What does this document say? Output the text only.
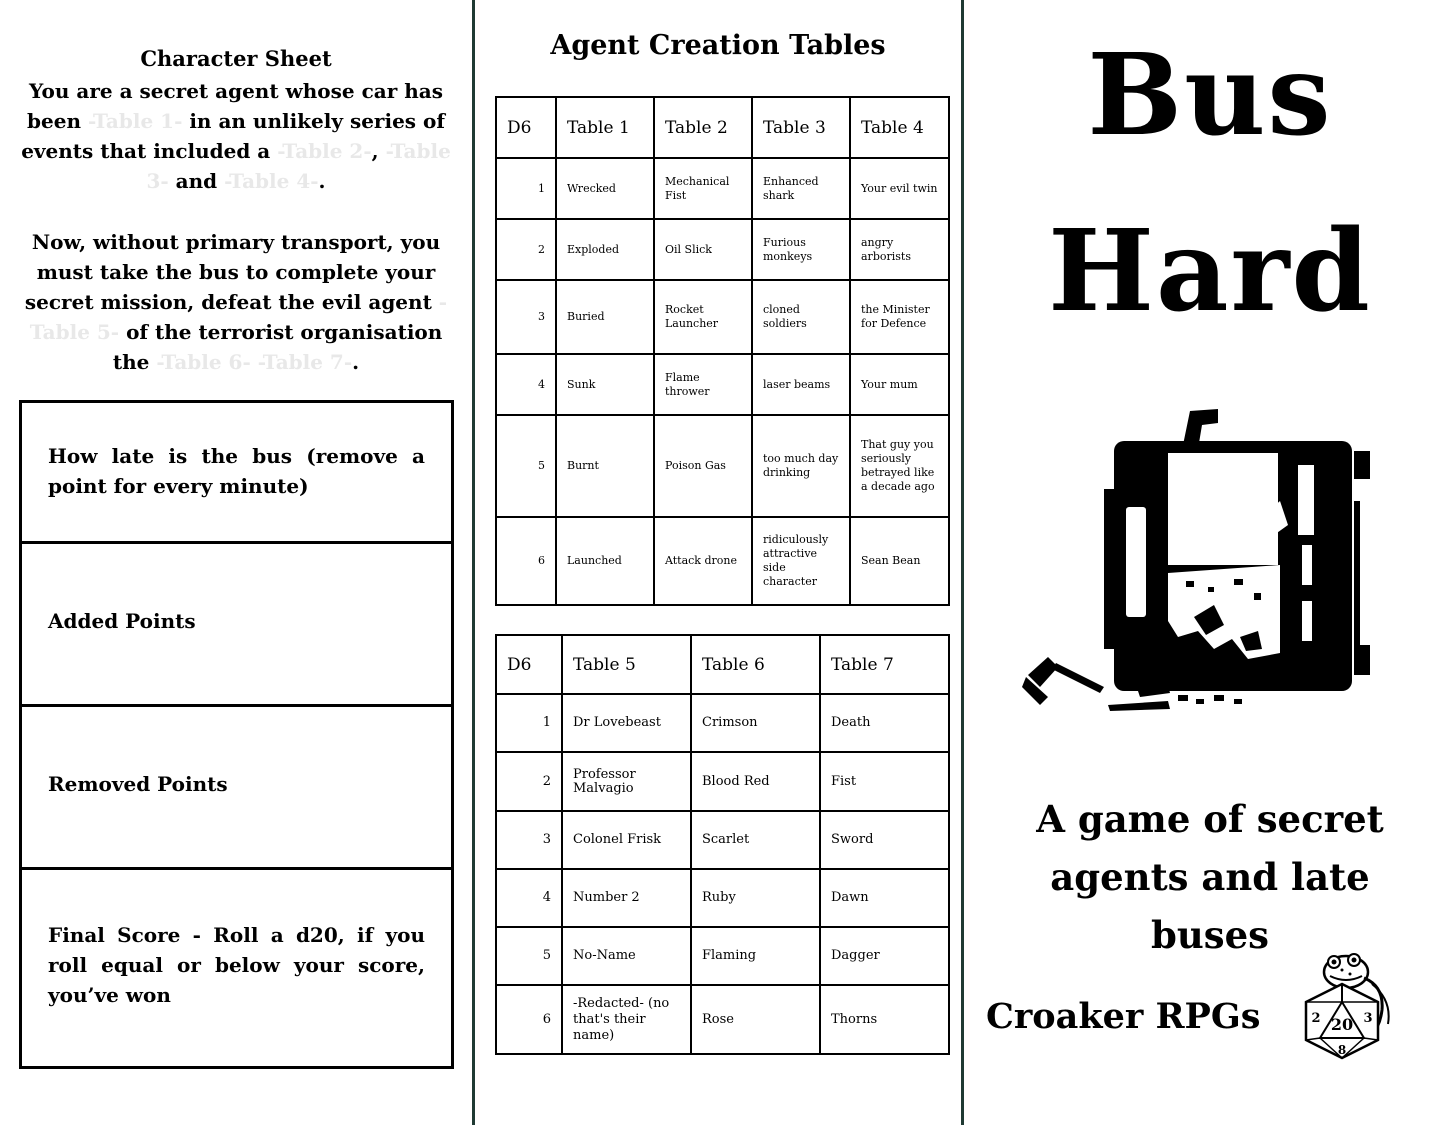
Character Sheet
You are a secret agent whose car has been -Table 1- in an unlikely series of events that included a -Table 2-, -Table 3- and -Table 4-.
Now, without primary transport, you must take the bus to complete your secret mission, defeat the evil agent -Table 5- of the terrorist organisation the -Table 6- -Table 7-.
How late is the bus (remove a point for every minute)
Added Points
Removed Points
Final Score - Roll a d20, if you roll equal or below your score, you’ve won
Agent Creation Tables
D6	Table 1	Table 2	Table 3	Table 4
1	Wrecked	Mechanical Fist	Enhanced shark	Your evil twin
2	Exploded	Oil Slick	Furious monkeys	angry arborists
3	Buried	Rocket Launcher	cloned soldiers	the Minister for Defence
4	Sunk	Flame thrower	laser beams	Your mum
5	Burnt	Poison Gas	too much day drinking	That guy you seriously betrayed like a decade ago
6	Launched	Attack drone	ridiculously attractive side character	Sean Bean
D6	Table 5	Table 6	Table 7
1	Dr Lovebeast	Crimson	Death
2	Professor Malvagio	Blood Red	Fist
3	Colonel Frisk	Scarlet	Sword
4	Number 2	Ruby	Dawn
5	No-Name	Flaming	Dagger
6	-Redacted- (no that's their name)	Rose	Thorns
Bus
Hard
A game of secret agents and late buses
Croaker RPGs	20
2	3
8
